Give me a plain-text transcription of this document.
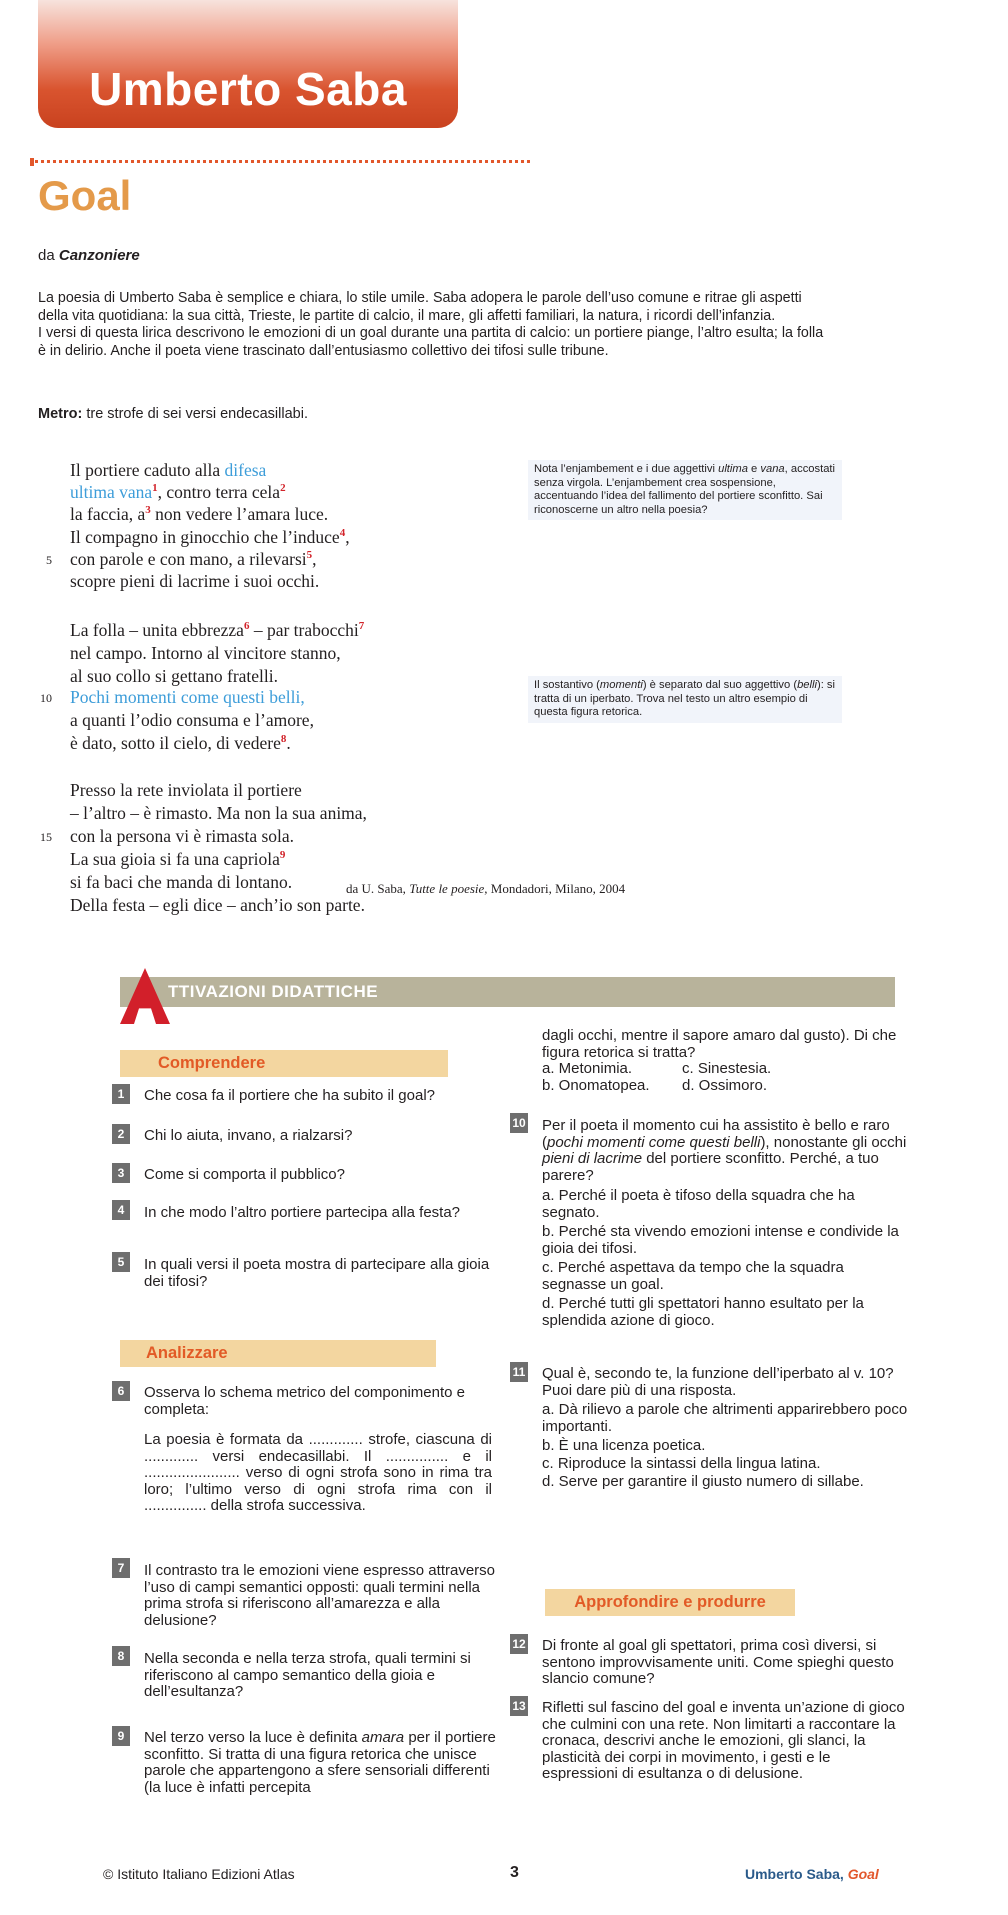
Umberto Saba
Goal
da Canzoniere

La poesia di Umberto Saba è semplice e chiara, lo stile umile. Saba adopera le parole dell’uso comune e ritrae gli aspetti della vita quotidiana: la sua città, Trieste, le partite di calcio, il mare, gli affetti familiari, la natura, i ricordi dell’infanzia.

I versi di questa lirica descrivono le emozioni di un goal durante una partita di calcio: un portiere piange, l’altro esulta; la folla è in delirio. Anche il poeta viene trascinato dall’entusiasmo collettivo dei tifosi sulle tribune.

Metro: tre strofe di sei versi endecasillabi.
Il portiere caduto alla difesa
ultima vana$^1$, contro terra cela$^2$
la faccia, $a^3$ non vedere l’amara luce.
Il compagno in ginocchio che l’induce$^4$,
5 con parole e con mano, a rilevarsi$^5$,
scopre pieni di lacrime i suoi occhi.
La folla – unita ebbrezza$^6$ – par trabocchi$^7$
nel campo. Intorno al vincitore stanno,
al suo collo si gettano fratelli.
10 Pochi momenti come questi belli,
a quanti l’odio consuma e l’amore,
è dato, sotto il cielo, di vedere$^8$.
Presso la rete inviolata il portiere
– l’altro – è rimasto. Ma non la sua anima,
15 con la persona vi è rimasta sola.
La sua gioia si fa una capriola$^9$
si fa baci che manda di lontano.
Della festa – egli dice – anch’io son parte.
da U. Saba, Tutte le poesie, Mondadori, Milano, 2004
Nota l’enjambement e i due aggettivi ultima e vana, accostati senza virgola. L’enjambement crea sospensione, accentuando l’idea del fallimento del portiere sconfitto. Sai riconoscerne un altro nella poesia?
Il sostantivo (momenti) è separato dal suo aggettivo (belli): si tratta di un iperbato. Trova nel testo un altro esempio di questa figura retorica.
TTIVAZIONI DIDATTICHE
Comprendere
1	Che cosa fa il portiere che ha subito il goal?
2	Chi lo aiuta, invano, a rialzarsi?
3	Come si comporta il pubblico?
4	In che modo l’altro portiere partecipa alla festa?
5	In quali versi il poeta mostra di partecipare alla gioia dei tifosi?
Analizzare
6	Osserva lo schema metrico del componimento e completa:
La poesia è formata da ............. strofe, ciascuna di ............. versi endecasillabi. Il ............... e il ....................... verso di ogni strofa sono in rima tra loro; l’ultimo verso di ogni strofa rima con il ............... della strofa successiva.
7	Il contrasto tra le emozioni viene espresso attraverso l’uso di campi semantici opposti: quali termini nella prima strofa si riferiscono all’amarezza e alla delusione?
8	Nella seconda e nella terza strofa, quali termini si riferiscono al campo semantico della gioia e dell’esultanza?
9	Nel terzo verso la luce è definita amara per il portiere sconfitto. Si tratta di una figura retorica che unisce parole che appartengono a sfere sensoriali differenti (la luce è infatti percepita
dagli occhi, mentre il sapore amaro dal gusto). Di che figura retorica si tratta?
a. Metonimia.	c. Sinestesia.
b. Onomatopea. d. Ossimoro.
10 Per il poeta il momento cui ha assistito è bello e raro (pochi momenti come questi belli), nonostante gli occhi pieni di lacrime del portiere sconfitto. Perché, a tuo parere?
a. Perché il poeta è tifoso della squadra che ha segnato.
b. Perché sta vivendo emozioni intense e condivide la gioia dei tifosi.
c. Perché aspettava da tempo che la squadra segnasse un goal.
d. Perché tutti gli spettatori hanno esultato per la splendida azione di gioco.
11 Qual è, secondo te, la funzione dell’iperbato al v. 10? Puoi dare più di una risposta.
a. Dà rilievo a parole che altrimenti apparirebbero poco importanti.
b. È una licenza poetica.
c. Riproduce la sintassi della lingua latina.
d. Serve per garantire il giusto numero di sillabe.
Approfondire e produrre
12 Di fronte al goal gli spettatori, prima così diversi, si sentono improvvisamente uniti. Come spieghi questo slancio comune?
13 Rifletti sul fascino del goal e inventa un’azione di gioco che culmini con una rete. Non limitarti a raccontare la cronaca, descrivi anche le emozioni, gli slanci, la plasticità dei corpi in movimento, i gesti e le espressioni di esultanza o di delusione.
© Istituto Italiano Edizioni Atlas	3	Umberto Saba, Goal
